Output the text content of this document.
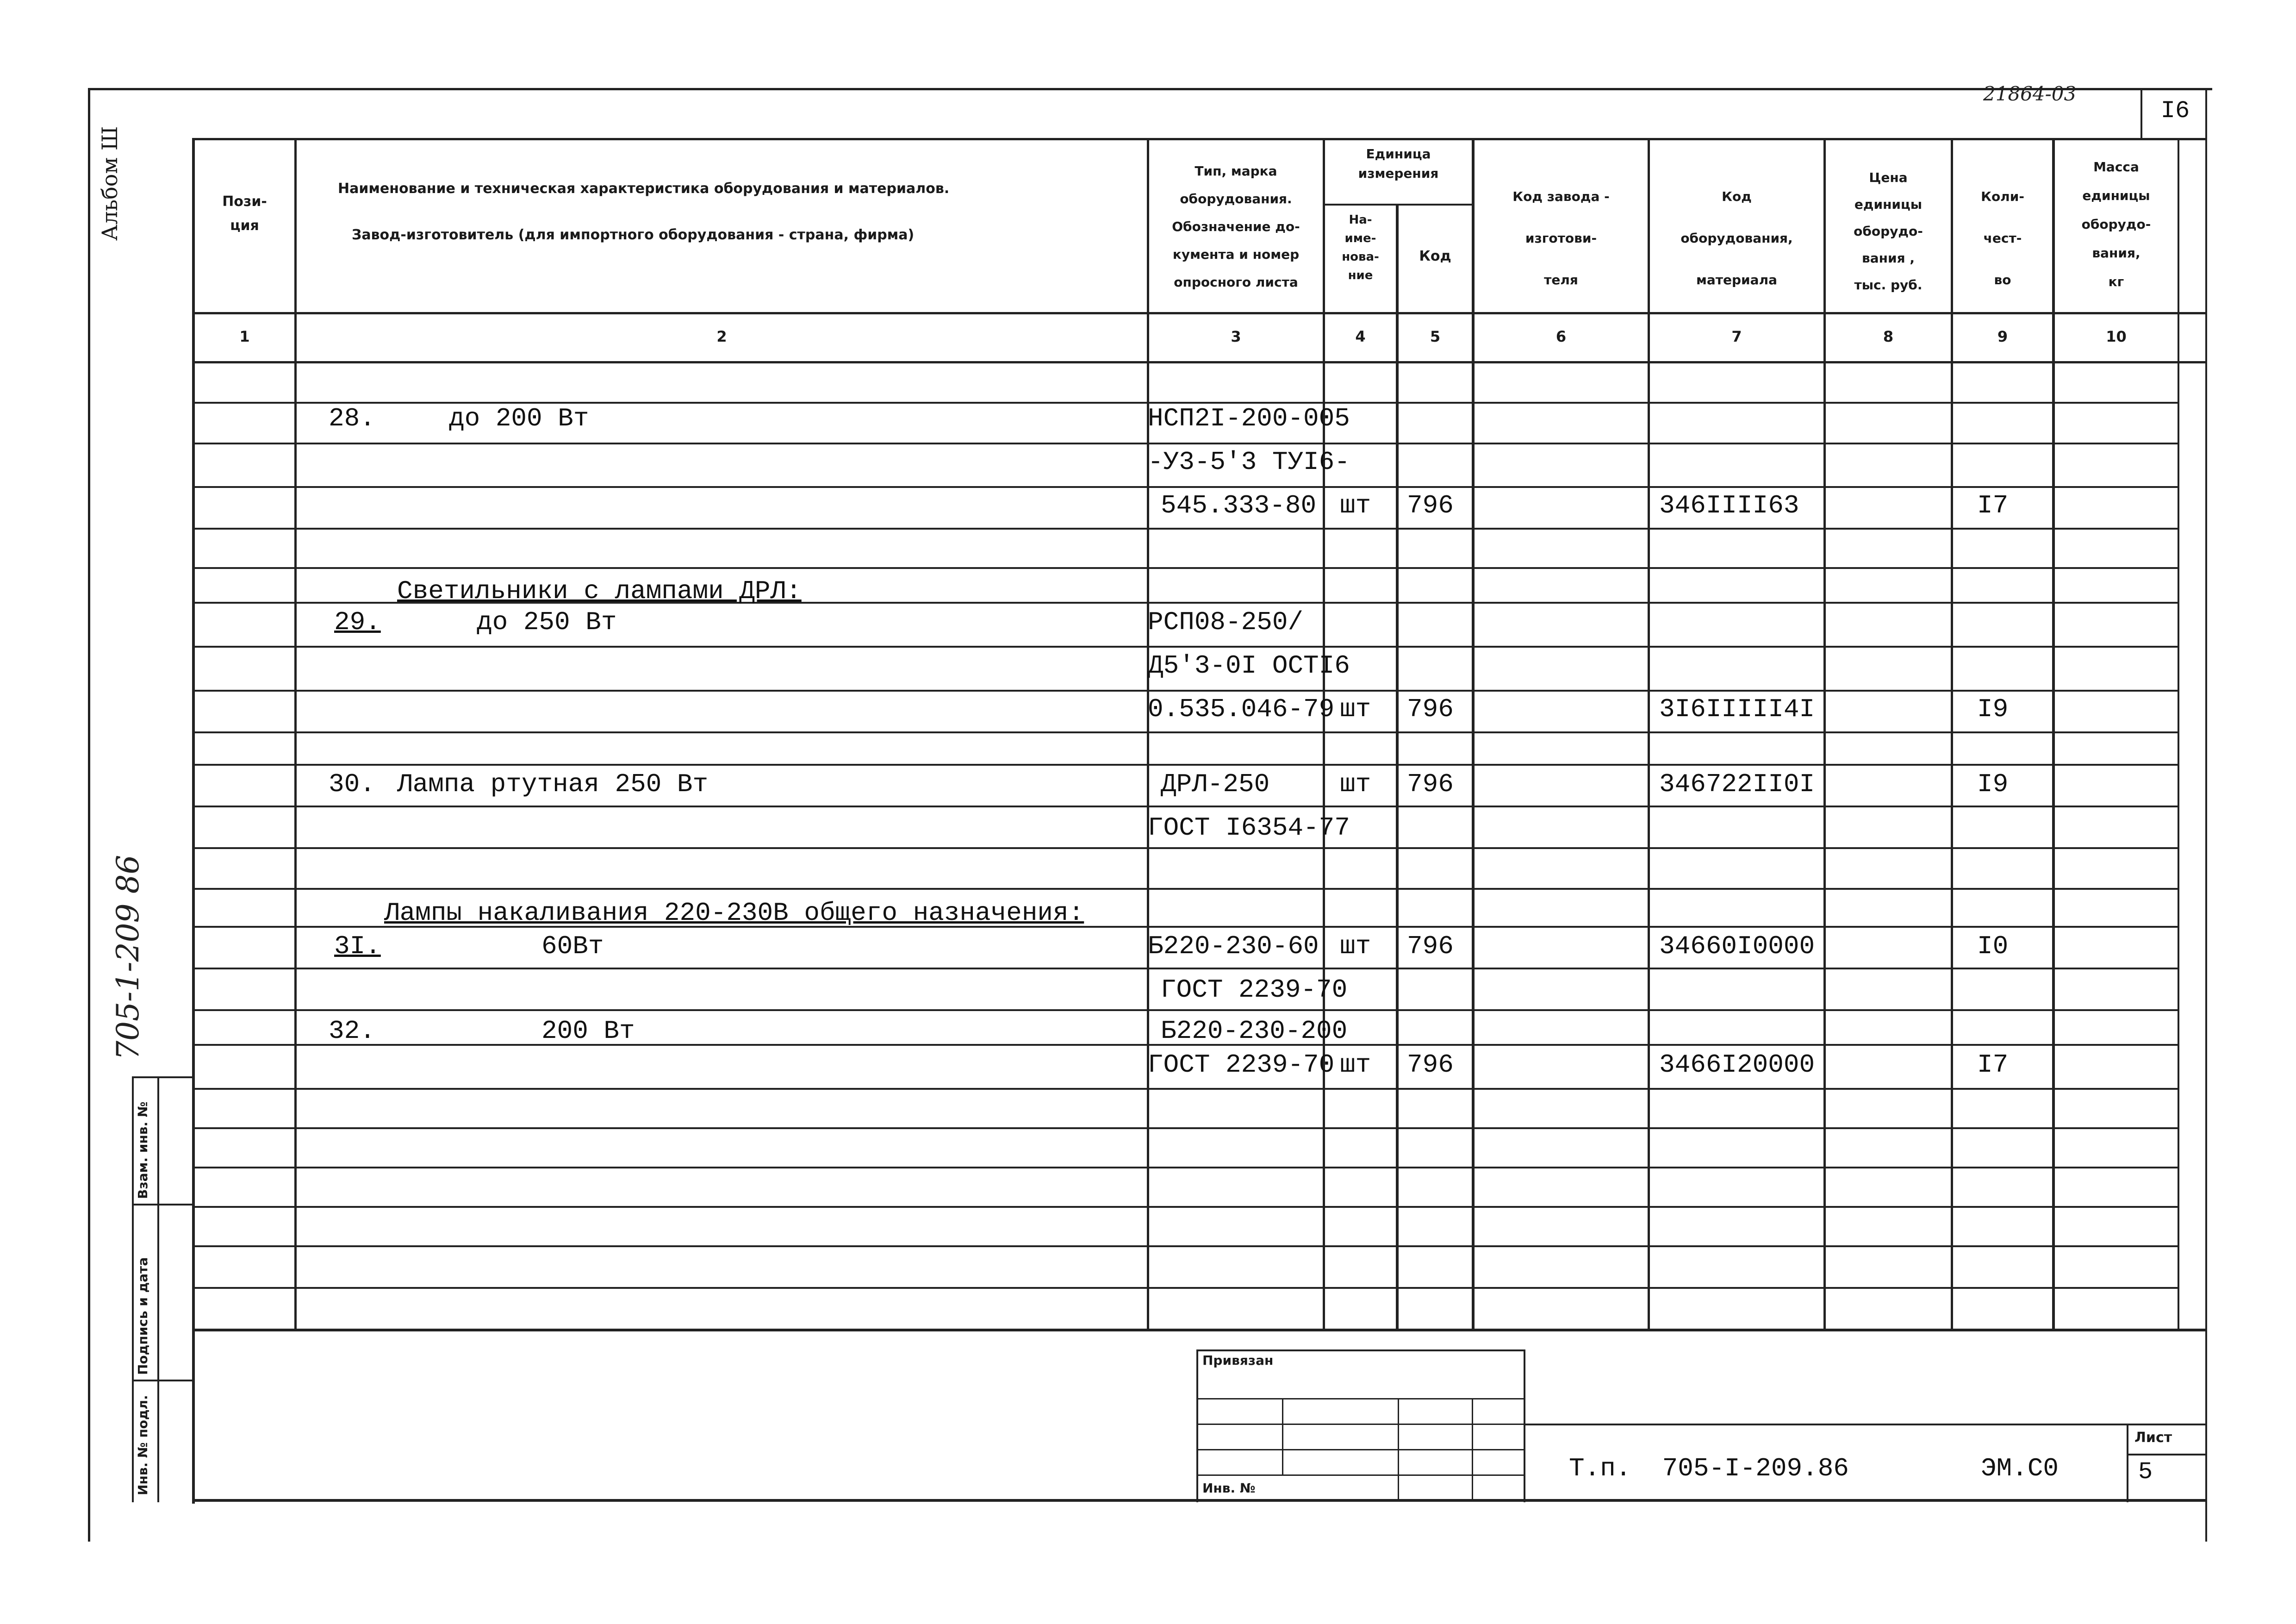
I6
21864-03
Альбом Ш
705-1-209 86
Пози-
ция
Наименование и техническая характеристика оборудования и материалов.
Завод-изготовитель (для импортного оборудования - страна, фирма)
Тип, марка
оборудования.
Обозначение до-
кумента и номер
опросного листа
Единица
измерения
На-
име-
нова-
ние
Код
Код завода -
изготови-
теля
Код
оборудования,
материала
Цена
единицы
оборудо-
вания ,
тыс. руб.
Коли-
чест-
во
Масса
единицы
оборудо-
вания,
кг
1	2	3	4	5	6	7	8	9	10
28.	до 200 Вт	НСП2I-200-005
-У3-5'3 ТУI6-
545.333-80 шт 796	346IIII63	I7
Светильники с лампами ДРЛ:
29.	до 250 Вт	РСП08-250/
Д5'3-0I ОСТI6
0.535.046-79 шт 796	3I6IIIII4I	I9
30. Лампа ртутная 250 Вт	ДРЛ-250	шт 796	346722II0I	I9
ГОСТ I6354-77
Лампы накаливания 220-230В общего назначения:
3I.	60Вт	Б220-230-60 шт 796	34660I0000	I0
ГОСТ 2239-70
32.	200 Вт	Б220-230-200
ГОСТ 2239-70 шт 796	3466I20000	I7
Взам. инв. №
Подпись и дата
Инв. № подл.
Привязан
Инв. №
Т.п.  705-I-209.86	ЭМ.С0
Лист
5
